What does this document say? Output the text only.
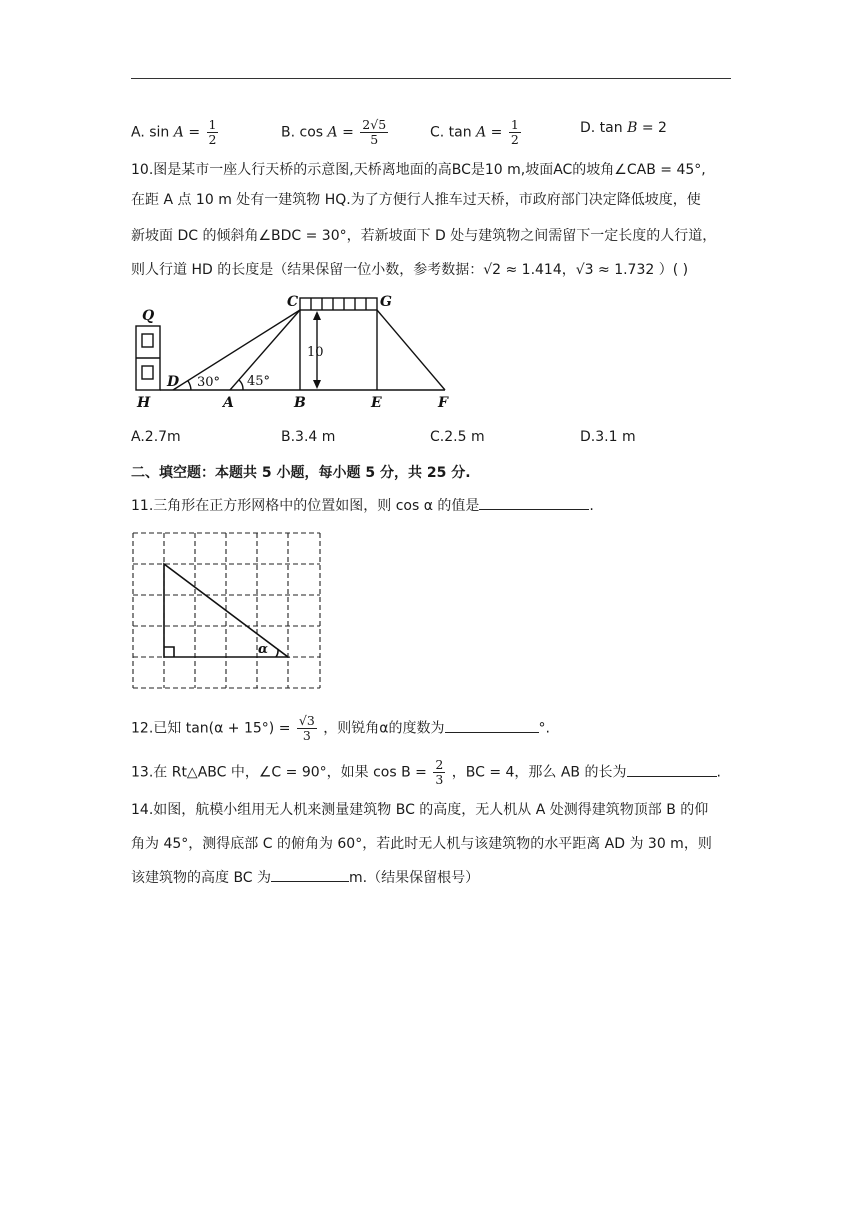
A. $\sin A = \frac{1}{2}$	B. $\cos A = \frac{2√5}{5}$	C. $\tan A = \frac{1}{2}$	D. tan B = 2
10.图是某市一座人行天桥的示意图,天桥离地面的高BC是10 m,坡面AC的坡角∠CAB = 45°,
在距 A 点 10 m 处有一建筑物 HQ.为了方便行人推车过天桥，市政府部门决定降低坡度，使
新坡面 DC 的倾斜角∠BDC = 30°，若新坡面下 D 处与建筑物之间需留下一定长度的人行道，
则人行道 HD 的长度是（结果保留一位小数，参考数据：√2 ≈ 1.414，√3 ≈ 1.732 ）( )
Q
C	G
H
D
A	B	E	F
10
30° 45°
A.2.7m	B.3.4 m	C.2.5 m	D.3.1 m
二、填空题：本题共 5 小题，每小题 5 分，共 25 分.
11.三角形在正方形网格中的位置如图，则 cos α 的值是	.
α
12.已知 $\tan(\alpha + 15^\circ) = \frac{√3}{3}$ ，则锐角α的度数为	°.
13.在 Rt△ABC 中，∠C = 90°，如果 $\cos B = \frac{2}{3}$ ，BC = 4，那么 AB 的长为	.
14.如图，航模小组用无人机来测量建筑物 BC 的高度，无人机从 A 处测得建筑物顶部 B 的仰
角为 45°，测得底部 C 的俯角为 60°，若此时无人机与该建筑物的水平距离 AD 为 30 m，则
该建筑物的高度 BC 为	m.（结果保留根号）
